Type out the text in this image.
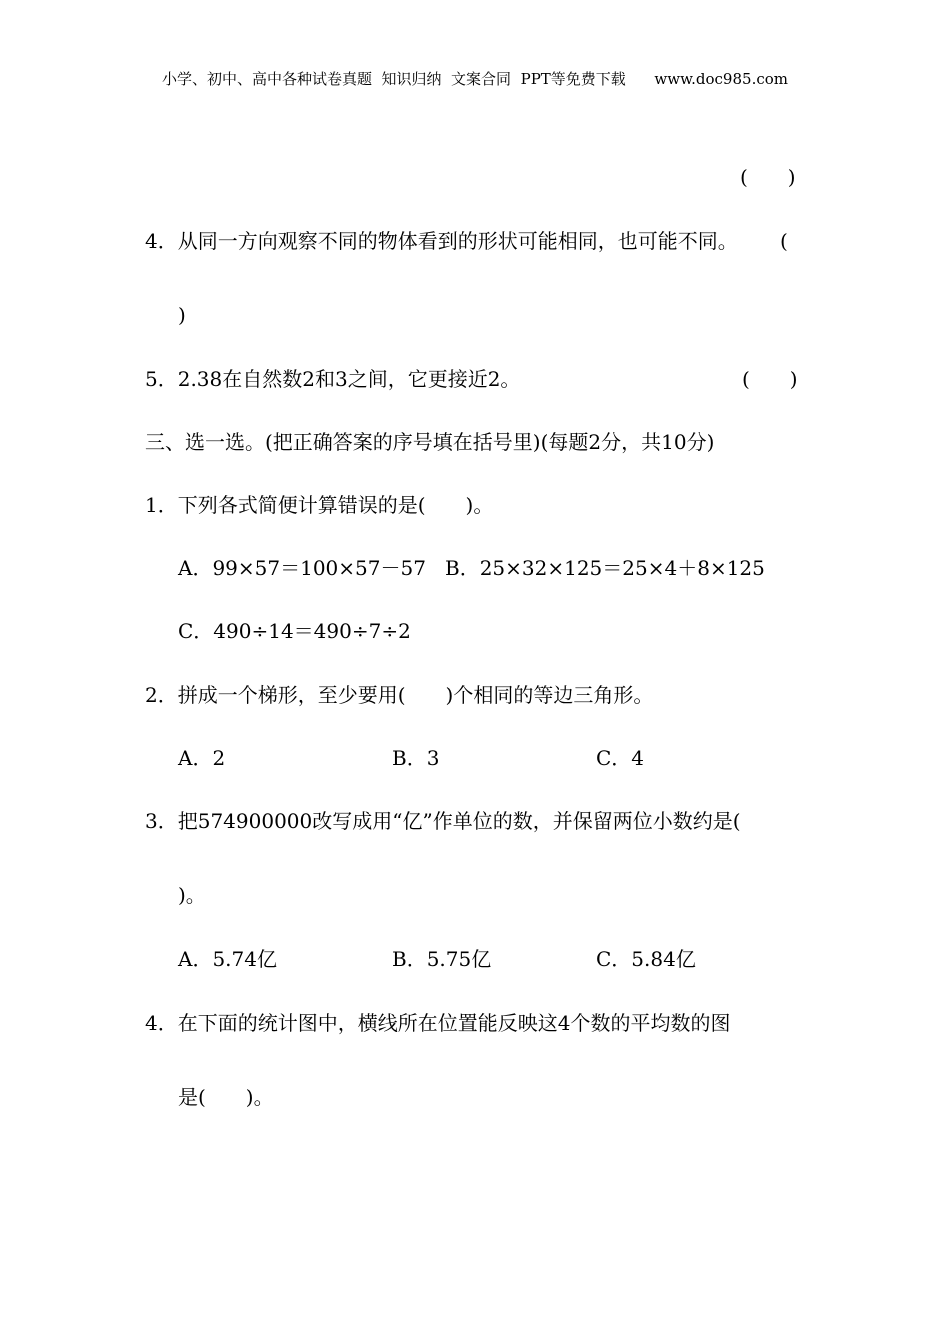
小学、初中、高中各种试卷真题  知识归纳  文案合同  PPT等免费下载      www.doc985.com
(　　)
4．从同一方向观察不同的物体看到的形状可能相同，也可能不同。 (
)
5．2.38在自然数2和3之间，它更接近2。	(　　)
三、选一选。(把正确答案的序号填在括号里)(每题2分，共10分)
1．下列各式简便计算错误的是(　　)。
A．99×57＝100×57－57 B．25×32×125＝25×4＋8×125
C．490÷14＝490÷7÷2
2．拼成一个梯形，至少要用(　　)个相同的等边三角形。
A．2	B．3	C．4
3．把574900000改写成用“亿”作单位的数，并保留两位小数约是(
)。
A．5.74亿	B．5.75亿	C．5.84亿
4．在下面的统计图中，横线所在位置能反映这4个数的平均数的图
是(　　)。
